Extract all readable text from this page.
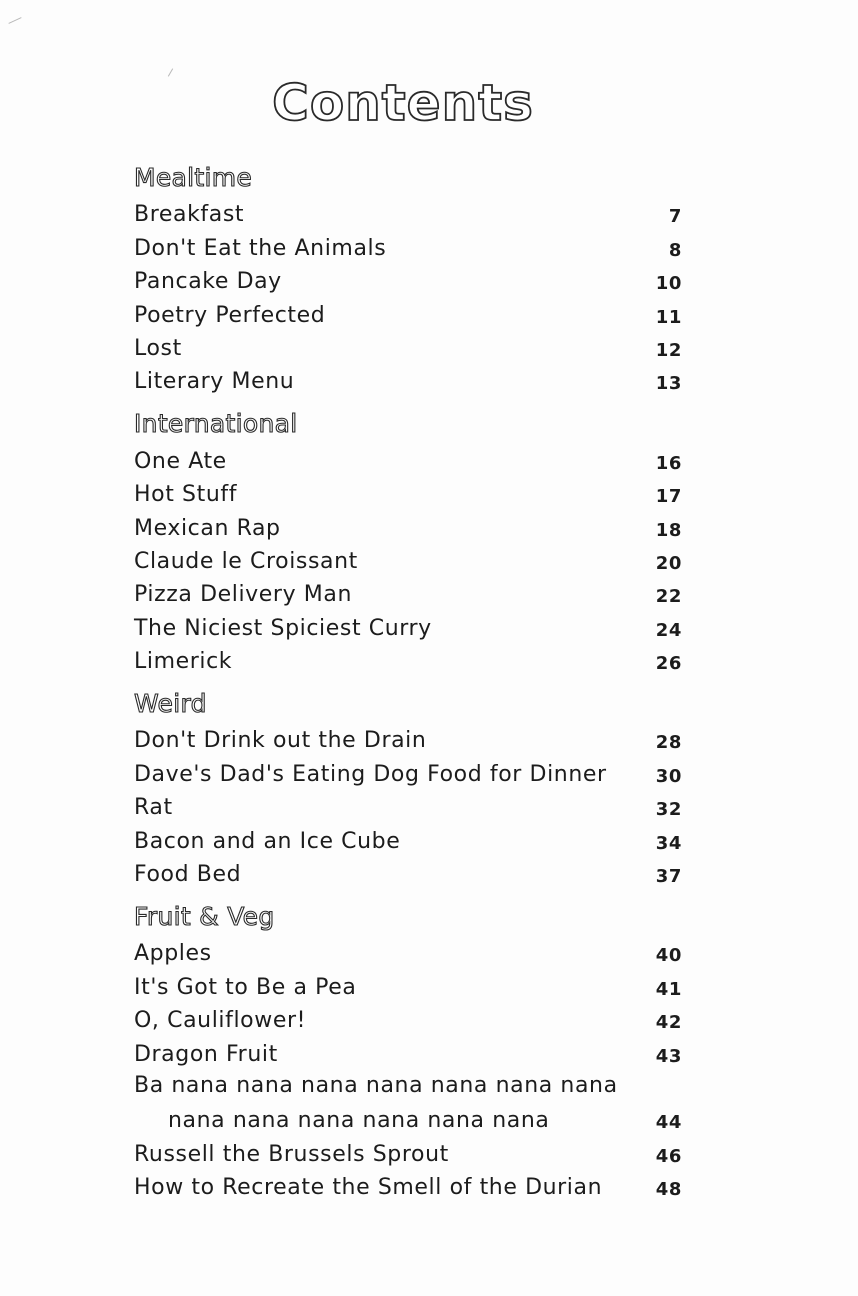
Contents
Mealtime
Breakfast	7
Don't Eat the Animals	8
Pancake Day	10
Poetry Perfected	11
Lost	12
Literary Menu	13
International
One Ate	16
Hot Stuff	17
Mexican Rap	18
Claude le Croissant	20
Pizza Delivery Man	22
The Niciest Spiciest Curry	24
Limerick	26
Weird
Don't Drink out the Drain	28
Dave's Dad's Eating Dog Food for Dinner	30
Rat	32
Bacon and an Ice Cube	34
Food Bed	37
Fruit & Veg
Apples	40
It's Got to Be a Pea	41
O, Cauliflower!	42
Dragon Fruit	43
Ba nana nana nana nana nana nana nana
nana nana nana nana nana nana	44
Russell the Brussels Sprout	46
How to Recreate the Smell of the Durian	48
